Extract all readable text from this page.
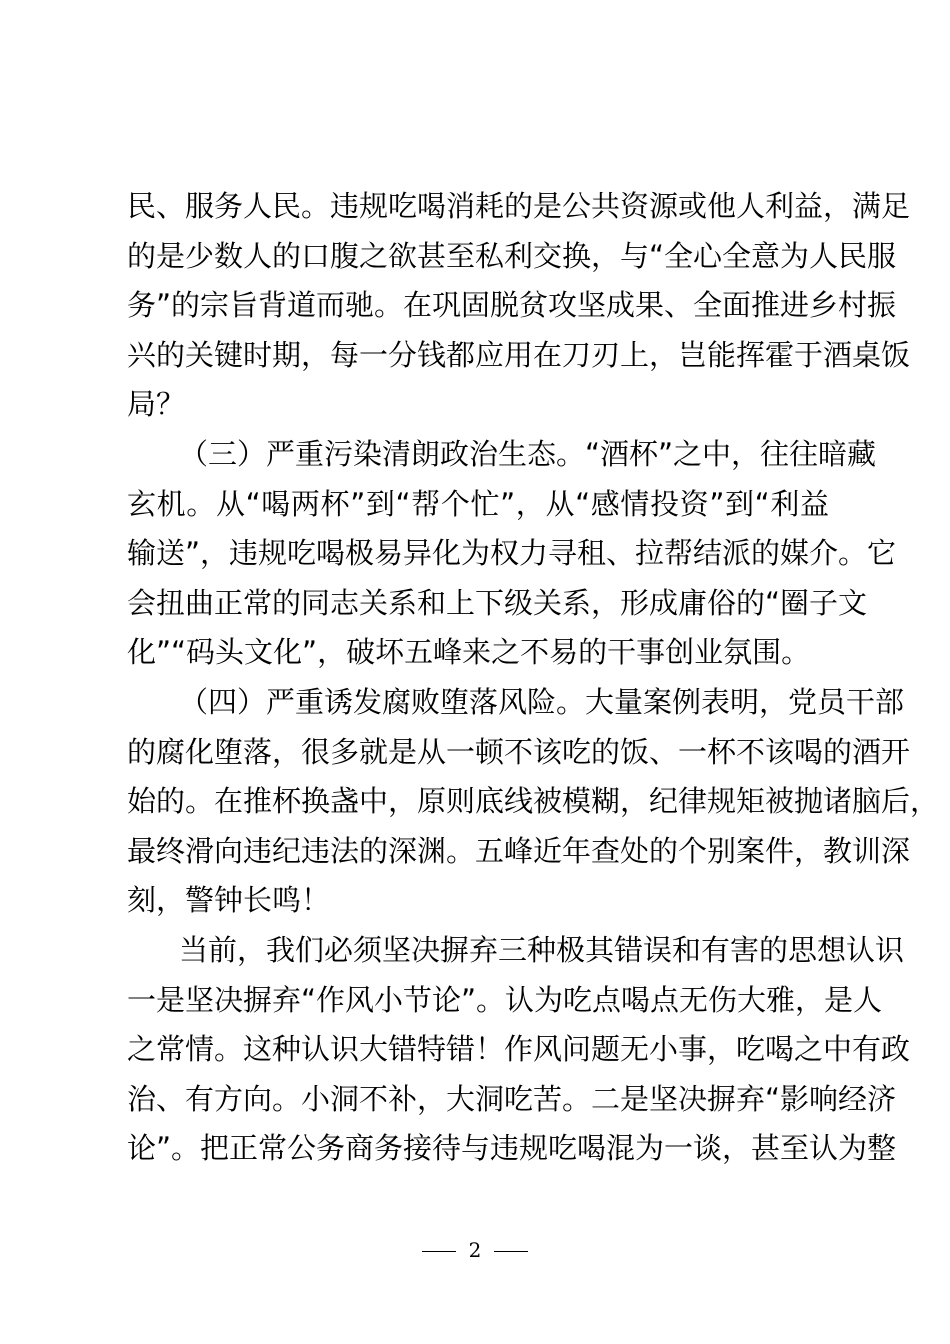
民、服务人民。违规吃喝消耗的是公共资源或他人利益，满足
的是少数人的口腹之欲甚至私利交换，与“全心全意为人民服
务”的宗旨背道而驰。在巩固脱贫攻坚成果、全面推进乡村振
兴的关键时期，每一分钱都应用在刀刃上，岂能挥霍于酒桌饭
局？
（三）严重污染清朗政治生态。“酒杯”之中，往往暗藏
玄机。从“喝两杯”到“帮个忙”，从“感情投资”到“利益
输送”，违规吃喝极易异化为权力寻租、拉帮结派的媒介。它
会扭曲正常的同志关系和上下级关系，形成庸俗的“圈子文
化”“码头文化”，破坏五峰来之不易的干事创业氛围。
（四）严重诱发腐败堕落风险。大量案例表明，党员干部
的腐化堕落，很多就是从一顿不该吃的饭、一杯不该喝的酒开
始的。在推杯换盏中，原则底线被模糊，纪律规矩被抛诸脑后，
最终滑向违纪违法的深渊。五峰近年查处的个别案件，教训深
刻，警钟长鸣！
当前，我们必须坚决摒弃三种极其错误和有害的思想认识
一是坚决摒弃“作风小节论”。认为吃点喝点无伤大雅，是人
之常情。这种认识大错特错！作风问题无小事，吃喝之中有政
治、有方向。小洞不补，大洞吃苦。二是坚决摒弃“影响经济
论”。把正常公务商务接待与违规吃喝混为一谈，甚至认为整
2
